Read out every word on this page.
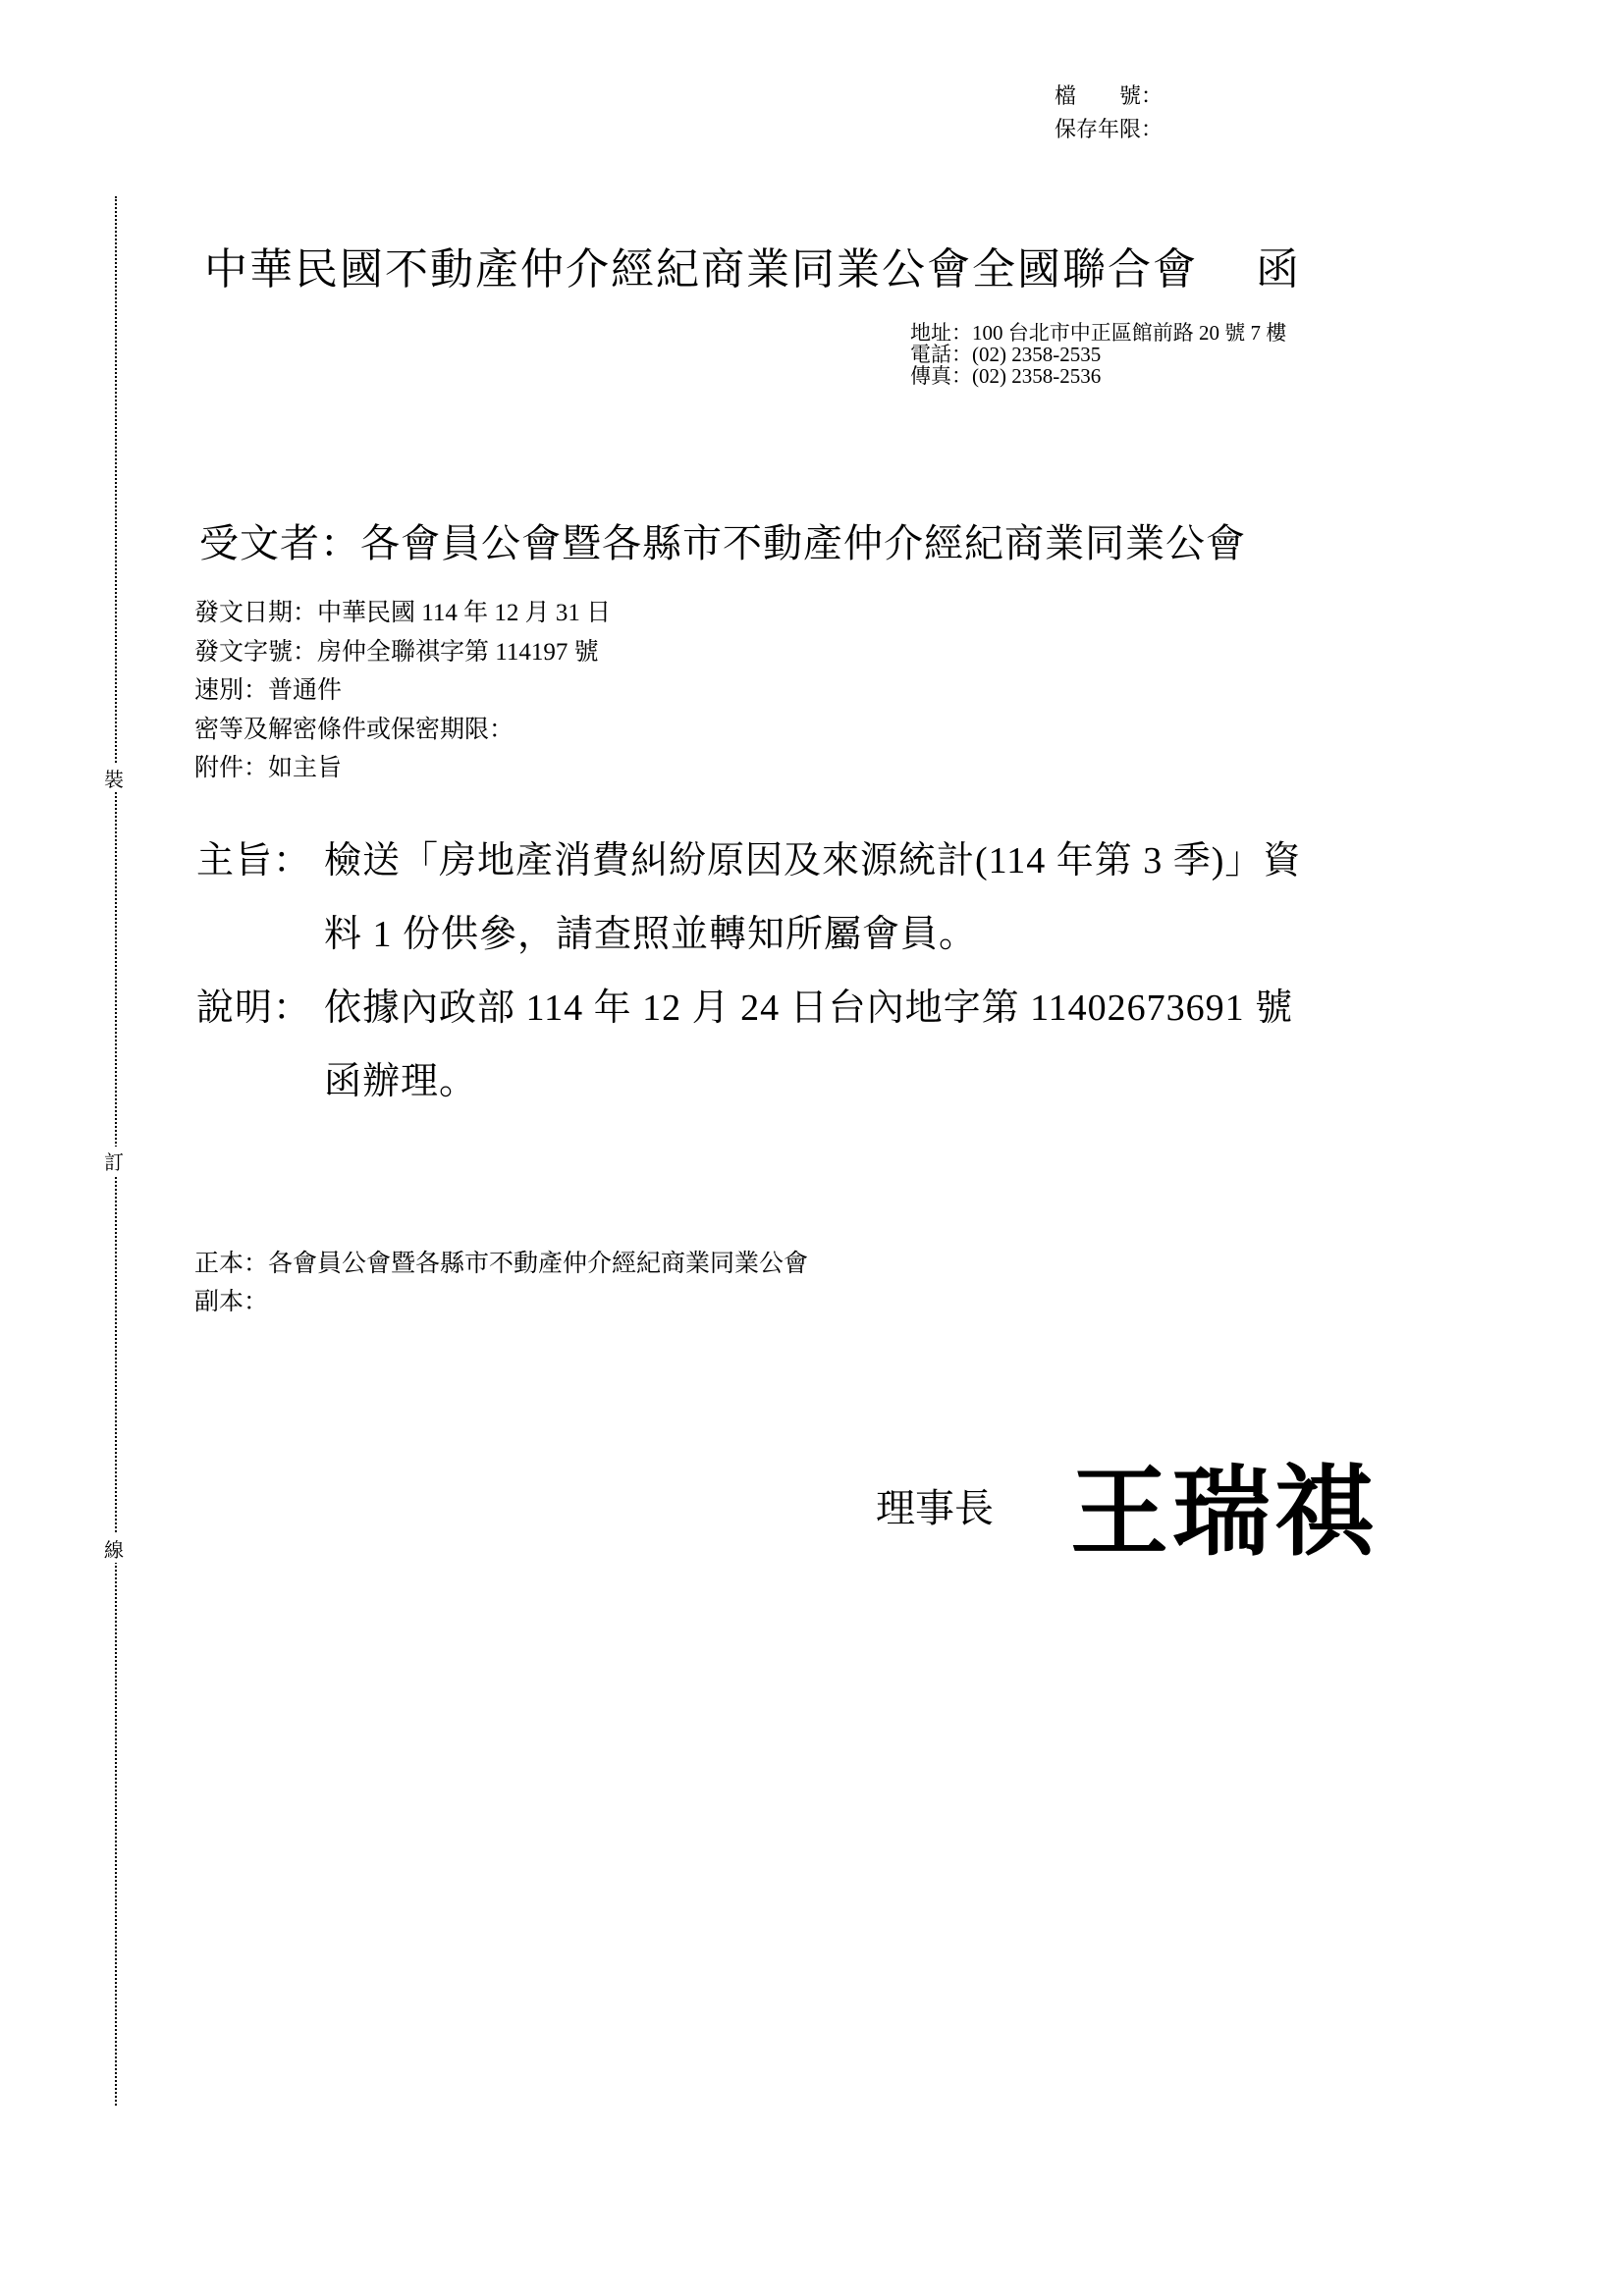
檔　　號：
保存年限：
裝
訂
線
中華民國不動產仲介經紀商業同業公會全國聯合會　 函
地址：100 台北市中正區館前路 20 號 7 樓
電話：(02) 2358-2535
傳真：(02) 2358-2536
受文者：各會員公會暨各縣市不動產仲介經紀商業同業公會
發文日期：中華民國 114 年 12 月 31 日
發文字號：房仲全聯祺字第 114197 號
速別：普通件
密等及解密條件或保密期限：
附件：如主旨
主旨： 檢送「房地產消費糾紛原因及來源統計(114 年第 3 季)」資
料 1 份供參，請查照並轉知所屬會員。
說明： 依據內政部 114 年 12 月 24 日台內地字第 11402673691 號
函辦理。
正本：各會員公會暨各縣市不動產仲介經紀商業同業公會
副本：
理事長 王瑞祺
